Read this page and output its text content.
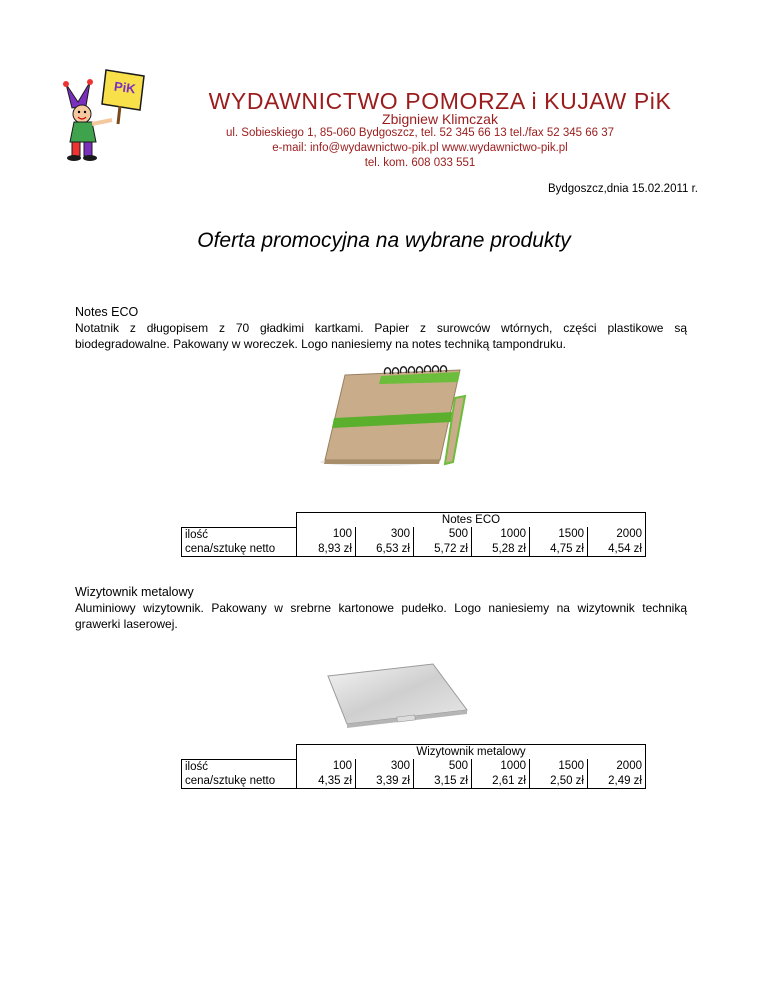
PiK
WYDAWNICTWO POMORZA i KUJAW PiK
Zbigniew Klimczak
ul. Sobieskiego 1, 85-060 Bydgoszcz, tel. 52 345 66 13 tel./fax 52 345 66 37
e-mail: info@wydawnictwo-pik.pl www.wydawnictwo-pik.pl
tel. kom. 608 033 551
Bydgoszcz,dnia 15.02.2011 r.
Oferta promocyjna na wybrane produkty
Notes ECO
Notatnik z długopisem z 70 gładkimi kartkami. Papier z surowców wtórnych, części plastikowe są biodegradowalne. Pakowany w woreczek. Logo naniesiemy na notes techniką tampondruku.
	Notes ECO					
ilość	100	300	500	1000	1500	2000
cena/sztukę netto	8,93 zł	6,53 zł	5,72 zł	5,28 zł	4,75 zł	4,54 zł
Wizytownik metalowy
Aluminiowy wizytownik. Pakowany w srebrne kartonowe pudełko. Logo naniesiemy na wizytownik techniką grawerki laserowej.
	Wizytownik metalowy					
ilość	100	300	500	1000	1500	2000
cena/sztukę netto	4,35 zł	3,39 zł	3,15 zł	2,61 zł	2,50 zł	2,49 zł
